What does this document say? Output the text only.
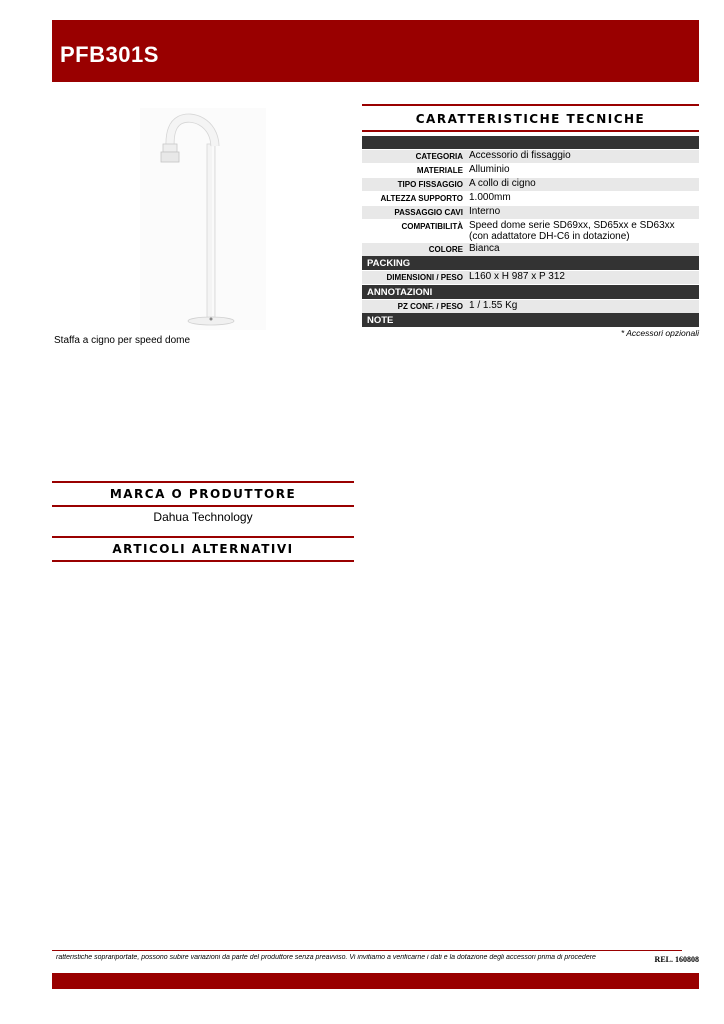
PFB301S
Staffa a cigno per speed dome
CARATTERISTICHE TECNICHE
CATEGORIA Accessorio di fissaggio
MATERIALE Alluminio
TIPO FISSAGGIO A collo di cigno
ALTEZZA SUPPORTO 1.000mm
PASSAGGIO CAVI Interno
COMPATIBILITÀ Speed dome serie SD69xx, SD65xx e SD63xx (con adattatore DH-C6 in dotazione)
COLORE Bianca
PACKING
DIMENSIONI / PESO L160 x H 987 x P 312
ANNOTAZIONI
PZ CONF. / PESO 1 / 1.55 Kg
NOTE
* Accessori opzionali
MARCA O PRODUTTORE
Dahua Technology
ARTICOLI ALTERNATIVI
ratteristiche soprariportate, possono subire variazioni da parte del produttore senza preavviso. Vi invitiamo a verificarne i dati e la dotazione degli accessori prima di procedere	REL. 160808
